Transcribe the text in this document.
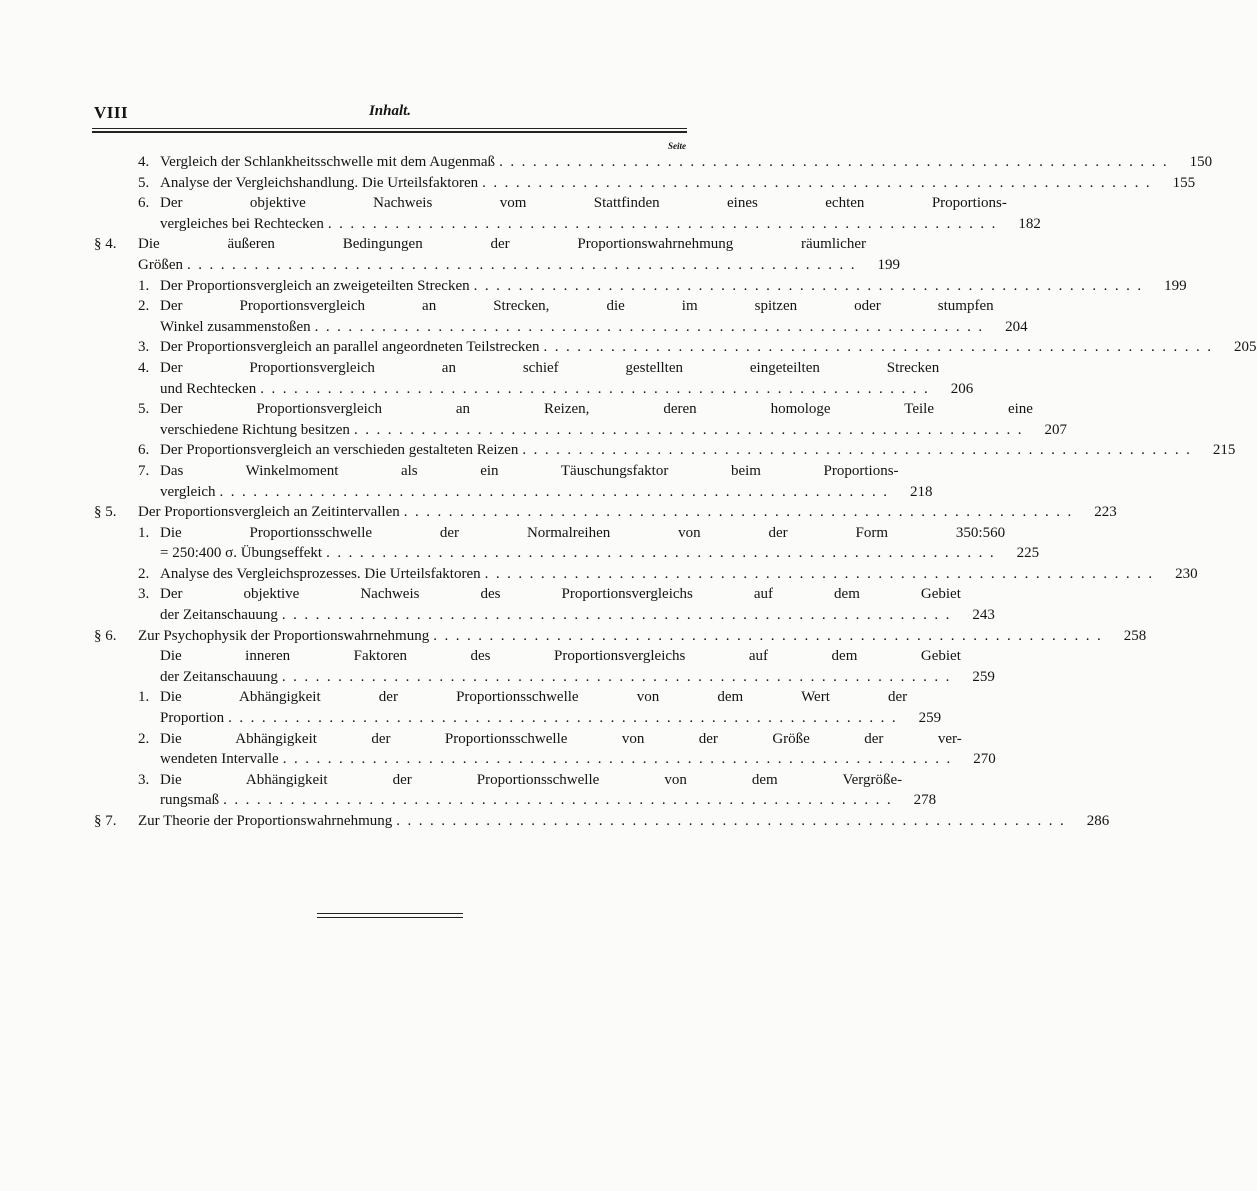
VIII	Inhalt.
Seite
4. Vergleich der Schlankheitsschwelle mit dem Augenmaß ............................................................	150
5. Analyse der Vergleichshandlung. Die Urteilsfaktoren ............................................................	155
6. Der objektive Nachweis vom Stattfinden eines echten Proportions-
vergleiches bei Rechtecken ............................................................	182
§ 4.	Die äußeren Bedingungen der Proportionswahrnehmung räumlicher
Größen ............................................................	199
1. Der Proportionsvergleich an zweigeteilten Strecken ............................................................	199
2. Der Proportionsvergleich an Strecken, die im spitzen oder stumpfen
Winkel zusammenstoßen ............................................................	204
3. Der Proportionsvergleich an parallel angeordneten Teilstrecken ............................................................	205
4. Der Proportionsvergleich an schief gestellten eingeteilten Strecken
und Rechtecken ............................................................	206
5. Der Proportionsvergleich an Reizen, deren homologe Teile eine
verschiedene Richtung besitzen ............................................................	207
6. Der Proportionsvergleich an verschieden gestalteten Reizen ............................................................	215
7. Das Winkelmoment als ein Täuschungsfaktor beim Proportions-
vergleich ............................................................	218
§ 5.	Der Proportionsvergleich an Zeitintervallen ............................................................	223
1. Die Proportionsschwelle der Normalreihen von der Form 350:560
= 250:400 σ. Übungseffekt ............................................................	225
2. Analyse des Vergleichsprozesses. Die Urteilsfaktoren ............................................................	230
3. Der objektive Nachweis des Proportionsvergleichs auf dem Gebiet
der Zeitanschauung ............................................................	243
§ 6.	Zur Psychophysik der Proportionswahrnehmung ............................................................	258
Die inneren Faktoren des Proportionsvergleichs auf dem Gebiet
der Zeitanschauung ............................................................	259
1. Die Abhängigkeit der Proportionsschwelle von dem Wert der
Proportion ............................................................	259
2. Die Abhängigkeit der Proportionsschwelle von der Größe der ver-
wendeten Intervalle ............................................................	270
3. Die Abhängigkeit der Proportionsschwelle von dem Vergröße-
rungsmaß ............................................................	278
§ 7.	Zur Theorie der Proportionswahrnehmung ............................................................	286
